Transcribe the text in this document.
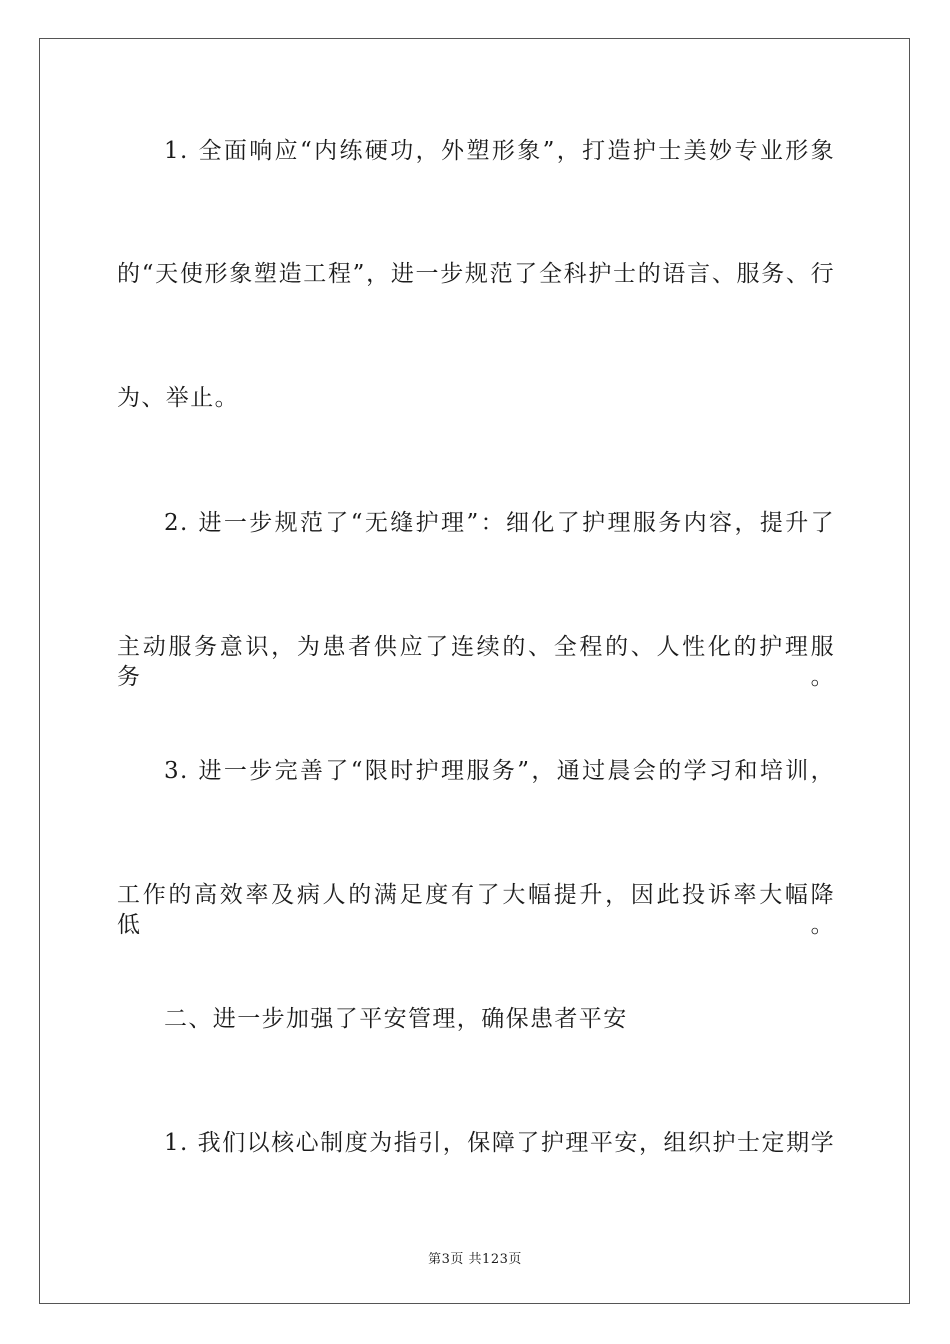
1. 全面响应“内练硬功，外塑形象”，打造护士美妙专业形象
的“天使形象塑造工程”，进一步规范了全科护士的语言、服务、行
为、举止。
2. 进一步规范了“无缝护理”：细化了护理服务内容，提升了
主动服务意识，为患者供应了连续的、全程的、人性化的护理服务。
3. 进一步完善了“限时护理服务”，通过晨会的学习和培训，
工作的高效率及病人的满足度有了大幅提升，因此投诉率大幅降低。
二、进一步加强了平安管理，确保患者平安
1. 我们以核心制度为指引，保障了护理平安，组织护士定期学
第3页 共123页
